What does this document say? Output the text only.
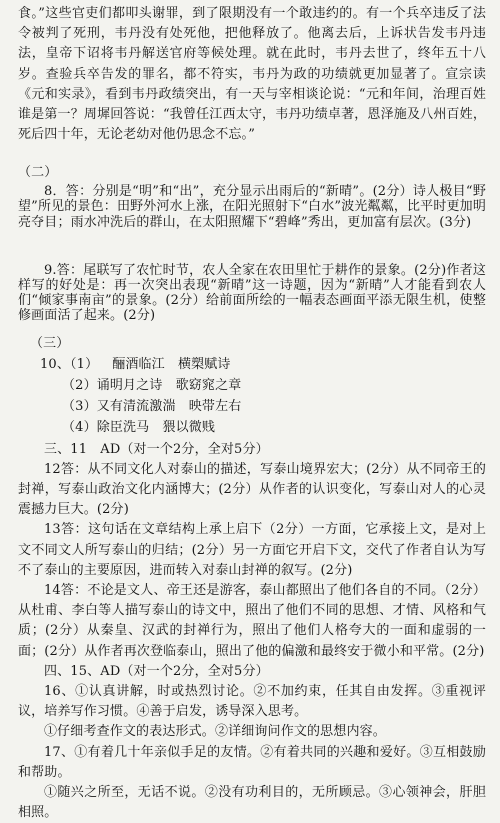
食。”这些官吏们都叩头谢罪，到了限期没有一个敢违约的。有一个兵卒违反了法令被判了死刑，韦丹没有处死他，把他释放了。他离去后，上诉状告发韦丹违法，皇帝下诏将韦丹解送官府等候处理。就在此时，韦丹去世了，终年五十八岁。查验兵卒告发的罪名，都不符实，韦丹为政的功绩就更加显著了。宣宗读《元和实录》，看到韦丹政绩突出，有一天与宰相谈论说：“元和年间，治理百姓谁是第一？周墀回答说：“我曾任江西太守，韦丹功绩卓著，恩泽施及八州百姓，死后四十年，无论老幼对他仍思念不忘。”

（二）

8．答：分别是“明”和“出”，充分显示出雨后的“新晴”。(2分）诗人极目“野望”所见的景色：田野外河水上涨，在阳光照射下“白水”波光粼粼，比平时更加明亮夺目；雨水冲洗后的群山，在太阳照耀下“碧峰”秀出，更加富有层次。(3分)

9.答：尾联写了农忙时节，农人全家在农田里忙于耕作的景象。(2分)作者这样写的好处是：再一次突出表现“新晴”这一诗题，因为“新晴”人才能看到农人们“倾家事南亩”的景象。(2分）给前面所绘的一幅表态画面平添无限生机，使整修画面活了起来。(2分)

（三）

10、（1） 酾酒临江　横槊赋诗

（2）诵明月之诗　歌窈窕之章

（3）又有清流激湍　映带左右

（4）除臣洗马　猥以微贱

三、11　AD（对一个2分，全对5分）

12答：从不同文化人对泰山的描述，写泰山境界宏大；(2分）从不同帝王的封禅，写泰山政治文化内涵博大；(2分）从作者的认识变化，写泰山对人的心灵震撼力巨大。(2分)

13答：这句话在文章结构上承上启下（2分）一方面，它承接上文，是对上文不同文人所写泰山的归结；(2分）另一方面它开启下文，交代了作者自认为写不了泰山的主要原因，进而转入对泰山封禅的叙写。(2分)

14答：不论是文人、帝王还是游客，泰山都照出了他们各自的不同。（2分）从杜甫、李白等人描写泰山的诗文中，照出了他们不同的思想、才情、风格和气质；(2分）从秦皇、汉武的封禅行为，照出了他们人格夸大的一面和虚弱的一面；(2分）从作者再次登临泰山，照出了他的偏激和最终安于微小和平常。(2分)

四、15、AD（对一个2分，全对5分）

16、①认真讲解，时或热烈讨论。②不加约束，任其自由发挥。③重视评议，培养写作习惯。④善于启发，诱导深入思考。

①仔细考查作文的表达形式。②详细询问作文的思想内容。

17、①有着几十年亲似手足的友情。②有着共同的兴趣和爱好。③互相鼓励和帮助。

①随兴之所至，无话不说。②没有功利目的，无所顾忌。③心领神会，肝胆相照。
